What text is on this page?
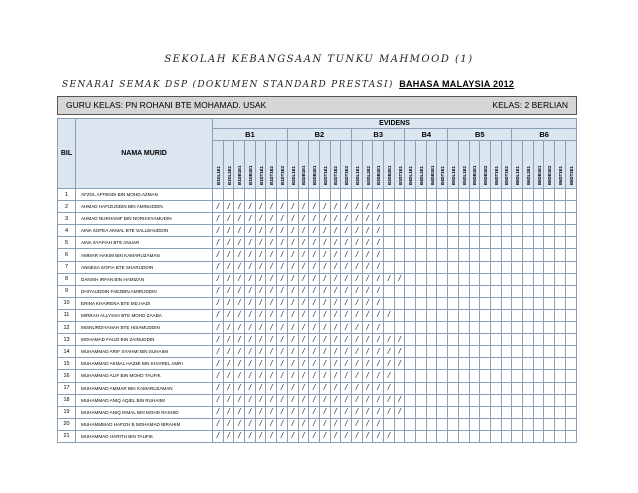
SEKOLAH KEBANGSAAN TUNKU MAHMOOD (1)
SENARAI SEMAK DSP (DOKUMEN STANDARD PRESTASI) BAHASA MALAYSIA 2012
GURU KELAS: PN ROHANI BTE MOHAMAD. USAK	KELAS: 2 BERLIAN
BIL	NAMA MURID	EVIDENS																																	
		B1							B2						B3					B4				B5						B6					

		B1DL1E1	B1DL2E2	B1DB1E1	B1DB1E1	B1DT1E1	B1DT1E2	B1DT1E3	B2DL1E1	B2DB1E1	B2DB1E1	B2DT1E1	B2DT1E2	B2DT1E3	B3DL1E1	B3DL2E2	B3DB1E1	B3DB2E1	B3DT1E1	B4DL1E1	B4DL2E1	B4DB1E1	B4DT1E1	B5DL1E1	B5DL1E2	B5DB1E1	B5DB1E2	B5DT1E1	B5DT1E2	B6DL1E1	B6DL2E1	B6DB1E1	B6DB1E2	B6DT1E1	B6DT2E1

1	AFZOL AFFENDI BIN MOHD.AZMAN																																		
2	AHMAD HAFIZUDDIN BIN AMINUDDIN	/	/	/	/	/	/	/	/	/	/	/	/	/	/	/	/																		
3	AHMAD NURHANIF BIN NORHISYAMUDIN	/	/	/	/	/	/	/	/	/	/	/	/	/	/	/	/																		
4	AINA SOFEA AKMAL BTE SALLEHUDDIN	/	/	/	/	/	/	/	/	/	/	/	/	/	/	/	/																		
5	AINA SYAFIAH BTE ANUAR	/	/	/	/	/	/	/	/	/	/	/	/	/	/	/	/																		
6	AMMAR HAKIM BIN KAMARUZAMAN	/	/	/	/	/	/	/	/	/	/	/	/	/	/	/	/																		
7	ANNESA SOFIA BTE SHARUDDIN	/	/	/	/	/	/	/	/	/	/	/	/	/	/	/	/																		
8	DANISH IRFAN BIN HAMIZAN	/	/	/	/	/	/	/	/	/	/	/	/	/	/	/	/	/	/																
9	DHIYAUDDIN FAEZBIN AMIRUDDIN	/	/	/	/	/	/	/	/	/	/	/	/	/	/	/	/																		
10	ERINA KHAIRENA BTE MD.HADI	/	/	/	/	/	/	/	/	/	/	/	/	/	/	/	/																		
11	MIRRAH ALLYSSA BTE MOHD ZAABA	/	/	/	/	/	/	/	/	/	/	/	/	/	/	/	/	/																	
12	MISNURDIYANAH BTE HISAMUDDIN	/	/	/	/	/	/	/	/	/	/	/	/	/	/	/	/																		
13	MOHAMAD FAUZI BIN ZAINUDDIN	/	/	/	/	/	/	/	/	/	/	/	/	/	/	/	/	/	/																
14	MUHAMMAD ARIF SYAHMI BIN SUHAIMI	/	/	/	/	/	/	/	/	/	/	/	/	/	/	/	/	/	/																
15	MUHAMMAD AKMAL HAZMI BIN KHAIREL AMRI	/	/	/	/	/	/	/	/	/	/	/	/	/	/	/	/	/	/																
16	MUHAMMAD ALIF BIN MOHD TAUFIK	/	/	/	/	/	/	/	/	/	/	/	/	/	/	/	/	/																	
17	MUHAMMAD AMMAR BIN KAMARUZAMAN	/	/	/	/	/	/	/	/	/	/	/	/	/	/	/	/	/																	
18	MUHAMMAD ANIQ AQIEL BIN RUHAIMI	/	/	/	/	/	/	/	/	/	/	/	/	/	/	/	/	/	/																
19	MUHAMMAD ANIQ IKMAL BIN MOHD RASHID	/	/	/	/	/	/	/	/	/	/	/	/	/	/	/	/	/	/																
20	MUHAMMMAD HAFIZH B MOHAMAD IBRAHIM	/	/	/	/	/	/	/	/	/	/	/	/	/	/	/	/																		
21	MUHAMMAD HARITH BIN TAUFIK	/	/	/	/	/	/	/	/	/	/	/	/	/	/	/	/	/																	
